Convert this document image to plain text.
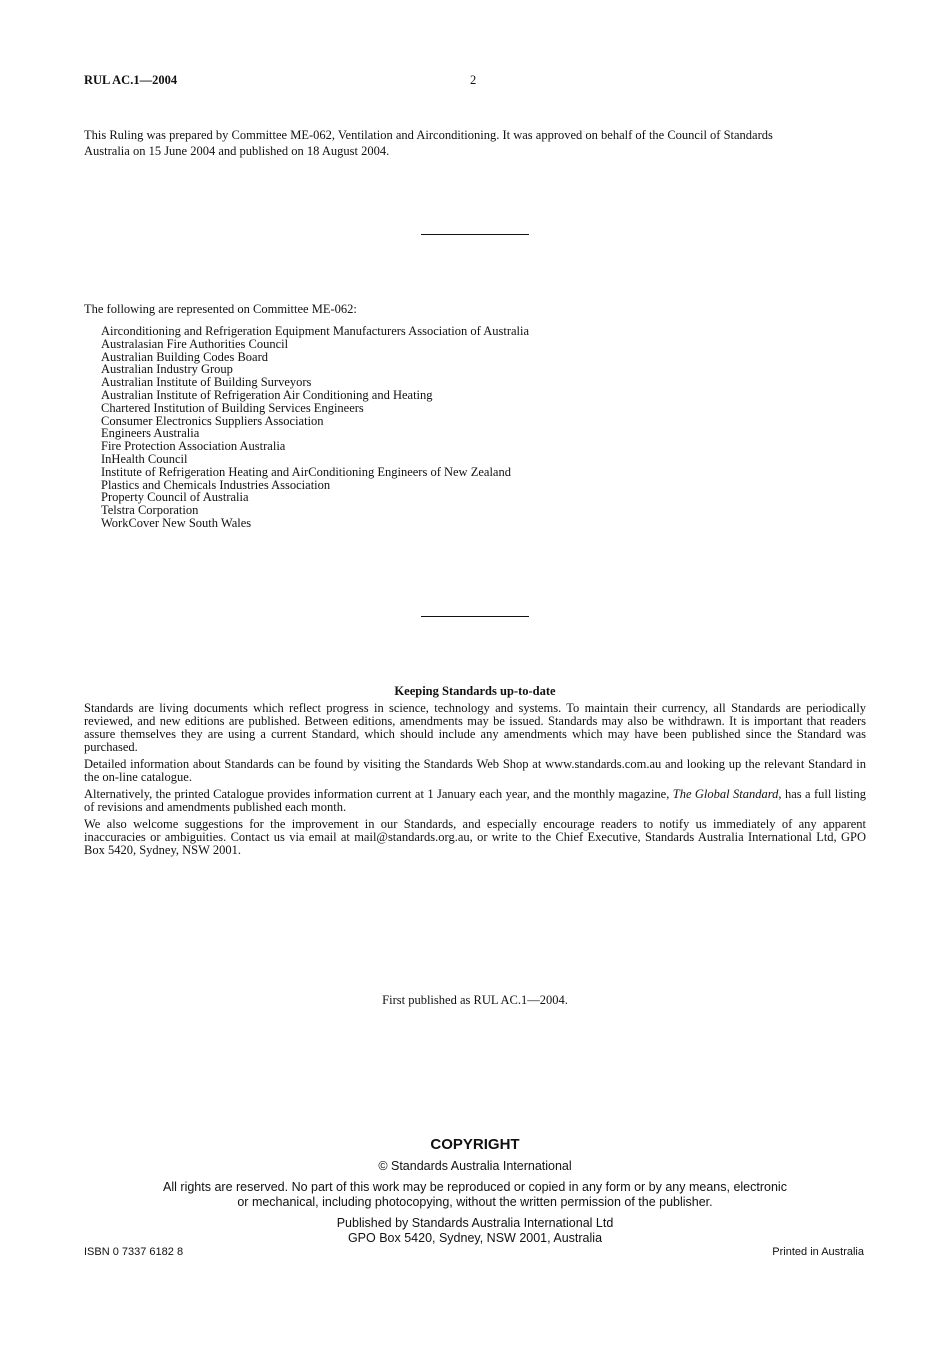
RUL AC.1—2004	2
This Ruling was prepared by Committee ME-062, Ventilation and Airconditioning. It was approved on behalf of the Council of Standards
Australia on 15 June 2004 and published on 18 August 2004.
The following are represented on Committee ME-062:
Airconditioning and Refrigeration Equipment Manufacturers Association of Australia
Australasian Fire Authorities Council
Australian Building Codes Board
Australian Industry Group
Australian Institute of Building Surveyors
Australian Institute of Refrigeration Air Conditioning and Heating
Chartered Institution of Building Services Engineers
Consumer Electronics Suppliers Association
Engineers Australia
Fire Protection Association Australia
InHealth Council
Institute of Refrigeration Heating and AirConditioning Engineers of New Zealand
Plastics and Chemicals Industries Association
Property Council of Australia
Telstra Corporation
WorkCover New South Wales
Keeping Standards up-to-date

Standards are living documents which reflect progress in science, technology and systems. To maintain their currency, all Standards are periodically reviewed, and new editions are published. Between editions, amendments may be issued. Standards may also be withdrawn. It is important that readers assure themselves they are using a current Standard, which should include any amendments which may have been published since the Standard was purchased.

Detailed information about Standards can be found by visiting the Standards Web Shop at www.standards.com.au and looking up the relevant Standard in the on-line catalogue.

Alternatively, the printed Catalogue provides information current at 1 January each year, and the monthly magazine, The Global Standard, has a full listing of revisions and amendments published each month.

We also welcome suggestions for the improvement in our Standards, and especially encourage readers to notify us immediately of any apparent inaccuracies or ambiguities. Contact us via email at mail@standards.org.au, or write to the Chief Executive, Standards Australia International Ltd, GPO Box 5420, Sydney, NSW 2001.

First published as RUL AC.1—2004.
COPYRIGHT
© Standards Australia International
All rights are reserved. No part of this work may be reproduced or copied in any form or by any means, electronic
or mechanical, including photocopying, without the written permission of the publisher.
Published by Standards Australia International Ltd
GPO Box 5420, Sydney, NSW 2001, Australia
ISBN 0 7337 6182 8	Printed in Australia
